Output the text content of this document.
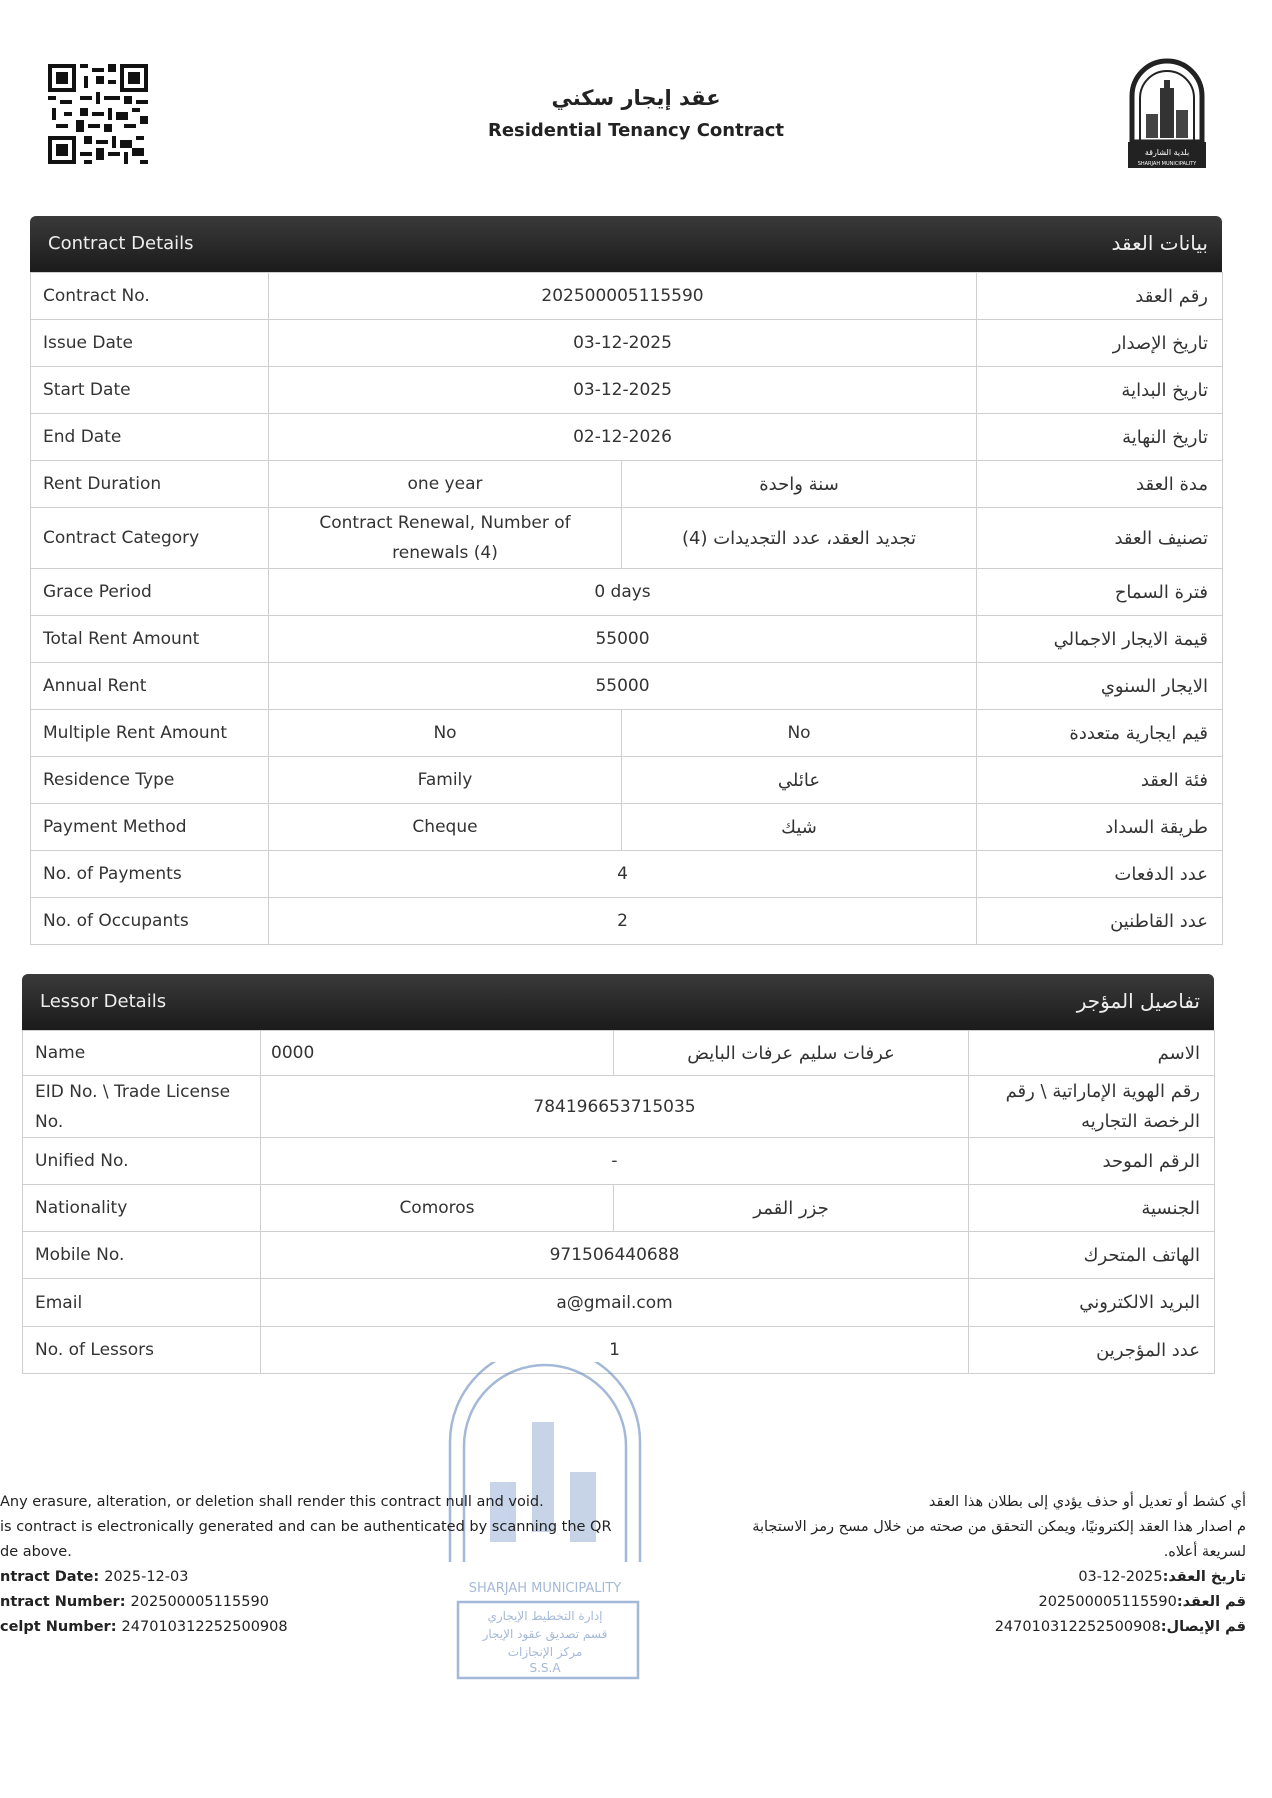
بلدية الشارقة
SHARJAH MUNICIPALITY
عقد إيجار سكني
Residential Tenancy Contract
Contract Details	بيانات العقد
Contract No.	202500005115590		رقم العقد
Issue Date	03-12-2025		تاريخ الإصدار
Start Date	03-12-2025		تاريخ البداية
End Date	02-12-2026		تاريخ النهاية
Rent Duration	one year	سنة واحدة	مدة العقد
Contract Category	Contract Renewal, Number of renewals (4)	تجديد العقد، عدد التجديدات (4)	تصنيف العقد
Grace Period	0 days		فترة السماح
Total Rent Amount	55000		قيمة الايجار الاجمالي
Annual Rent	55000		الايجار السنوي
Multiple Rent Amount	No	No	قيم ايجارية متعددة
Residence Type	Family	عائلي	فئة العقد
Payment Method	Cheque	شيك	طريقة السداد
No. of Payments	4		عدد الدفعات
No. of Occupants	2		عدد القاطنين
Lessor Details	تفاصيل المؤجر
Name	0000	عرفات سليم عرفات البايض	الاسم
EID No. \ Trade License No.	784196653715035		رقم الهوية الإماراتية \ رقم الرخصة التجاريه
Unified No.	-		الرقم الموحد
Nationality	Comoros	جزر القمر	الجنسية
Mobile No.	971506440688		الهاتف المتحرك
Email	a@gmail.com		البريد الالكتروني
No. of Lessors	1		عدد المؤجرين
SHARJAH MUNICIPALITY
إدارة التخطيط الإيجاري
قسم تصديق عقود الإيجار
مركز الإنجازات
S.S.A
Any erasure, alteration, or deletion shall render this contract null and void.
is contract is electronically generated and can be authenticated by scanning the QR
de above.
ntract Date: 2025-12-03
ntract Number: 202500005115590
celpt Number: 247010312252500908
أي كشط أو تعديل أو حذف يؤدي إلى بطلان هذا العقد
م اصدار هذا العقد إلكترونيًا، ويمكن التحقق من صحته من خلال مسح رمز الاستجابة
لسريعة أعلاه.
تاريخ العقد:2025-12-03
قم العقد:202500005115590
قم الإيصال:247010312252500908
